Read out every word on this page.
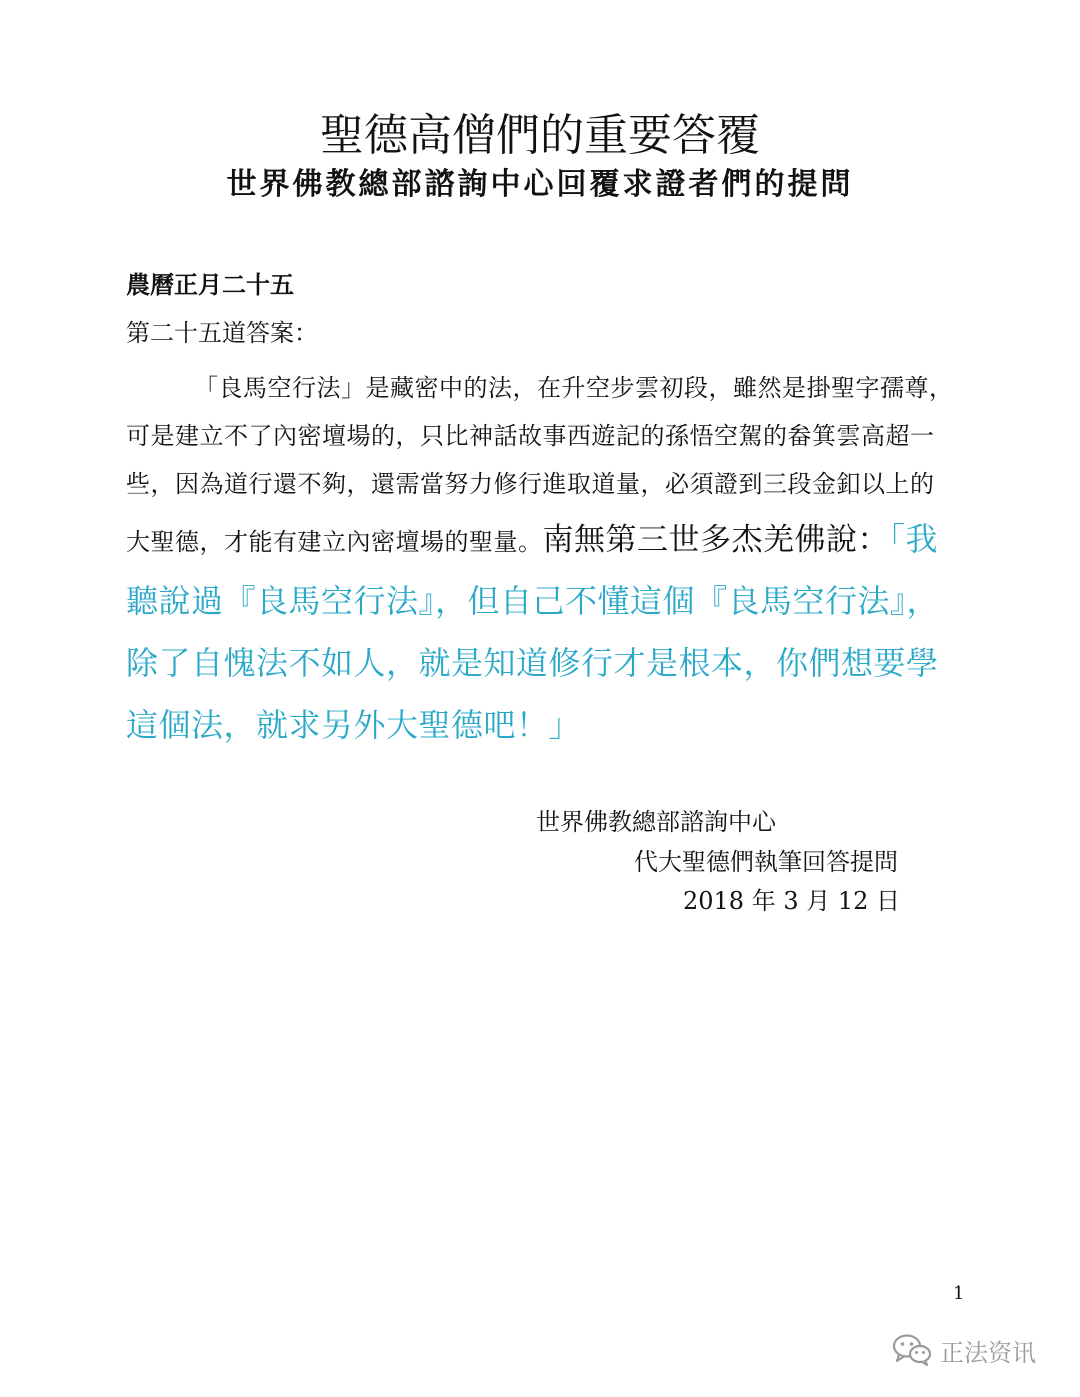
聖德高僧們的重要答覆
世界佛教總部諮詢中心回覆求證者們的提問
農曆正月二十五
第二十五道答案：
「良馬空行法」是藏密中的法，在升空步雲初段，雖然是掛聖字孺尊，可是建立不了內密壇場的，只比神話故事西遊記的孫悟空駕的畚箕雲高超一些，因為道行還不夠，還需當努力修行進取道量，必須證到三段金釦以上的大聖德，才能有建立內密壇場的聖量。南無第三世多杰羌佛說：「我聽說過『良馬空行法』，但自己不懂這個『良馬空行法』，除了自愧法不如人，就是知道修行才是根本，你們想要學這個法，就求另外大聖德吧！」
世界佛教總部諮詢中心
代大聖德們執筆回答提問
2018 年 3 月 12 日
1
正法资讯
